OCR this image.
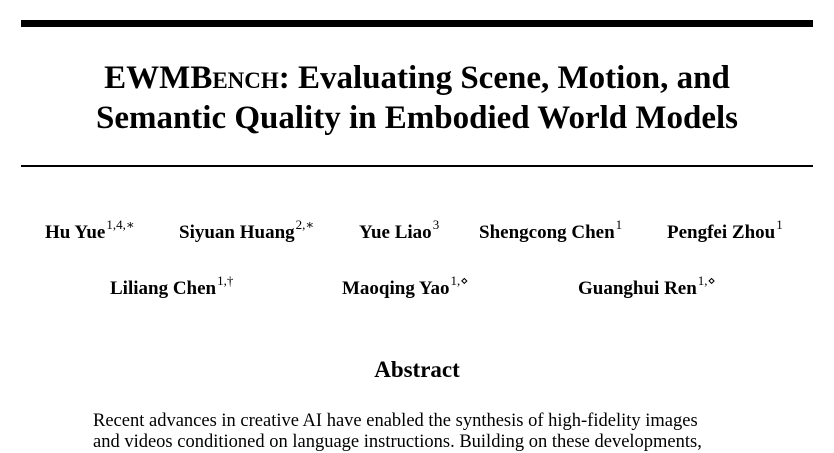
EWMBench: Evaluating Scene, Motion, and
Semantic Quality in Embodied World Models
Hu Yue$^{1,4,∗}$ Siyuan Huang$^{2,∗}$ Yue Liao$^3$ Shengcong Chen$^1$ Pengfei Zhou$^1$
Liliang Chen$^{1,\dagger}$	Maoqing Yao$^{1,⋄}$	Guanghui Ren$^{1,⋄}$
Abstract

Recent advances in creative AI have enabled the synthesis of high-fidelity images
and videos conditioned on language instructions. Building on these developments,
